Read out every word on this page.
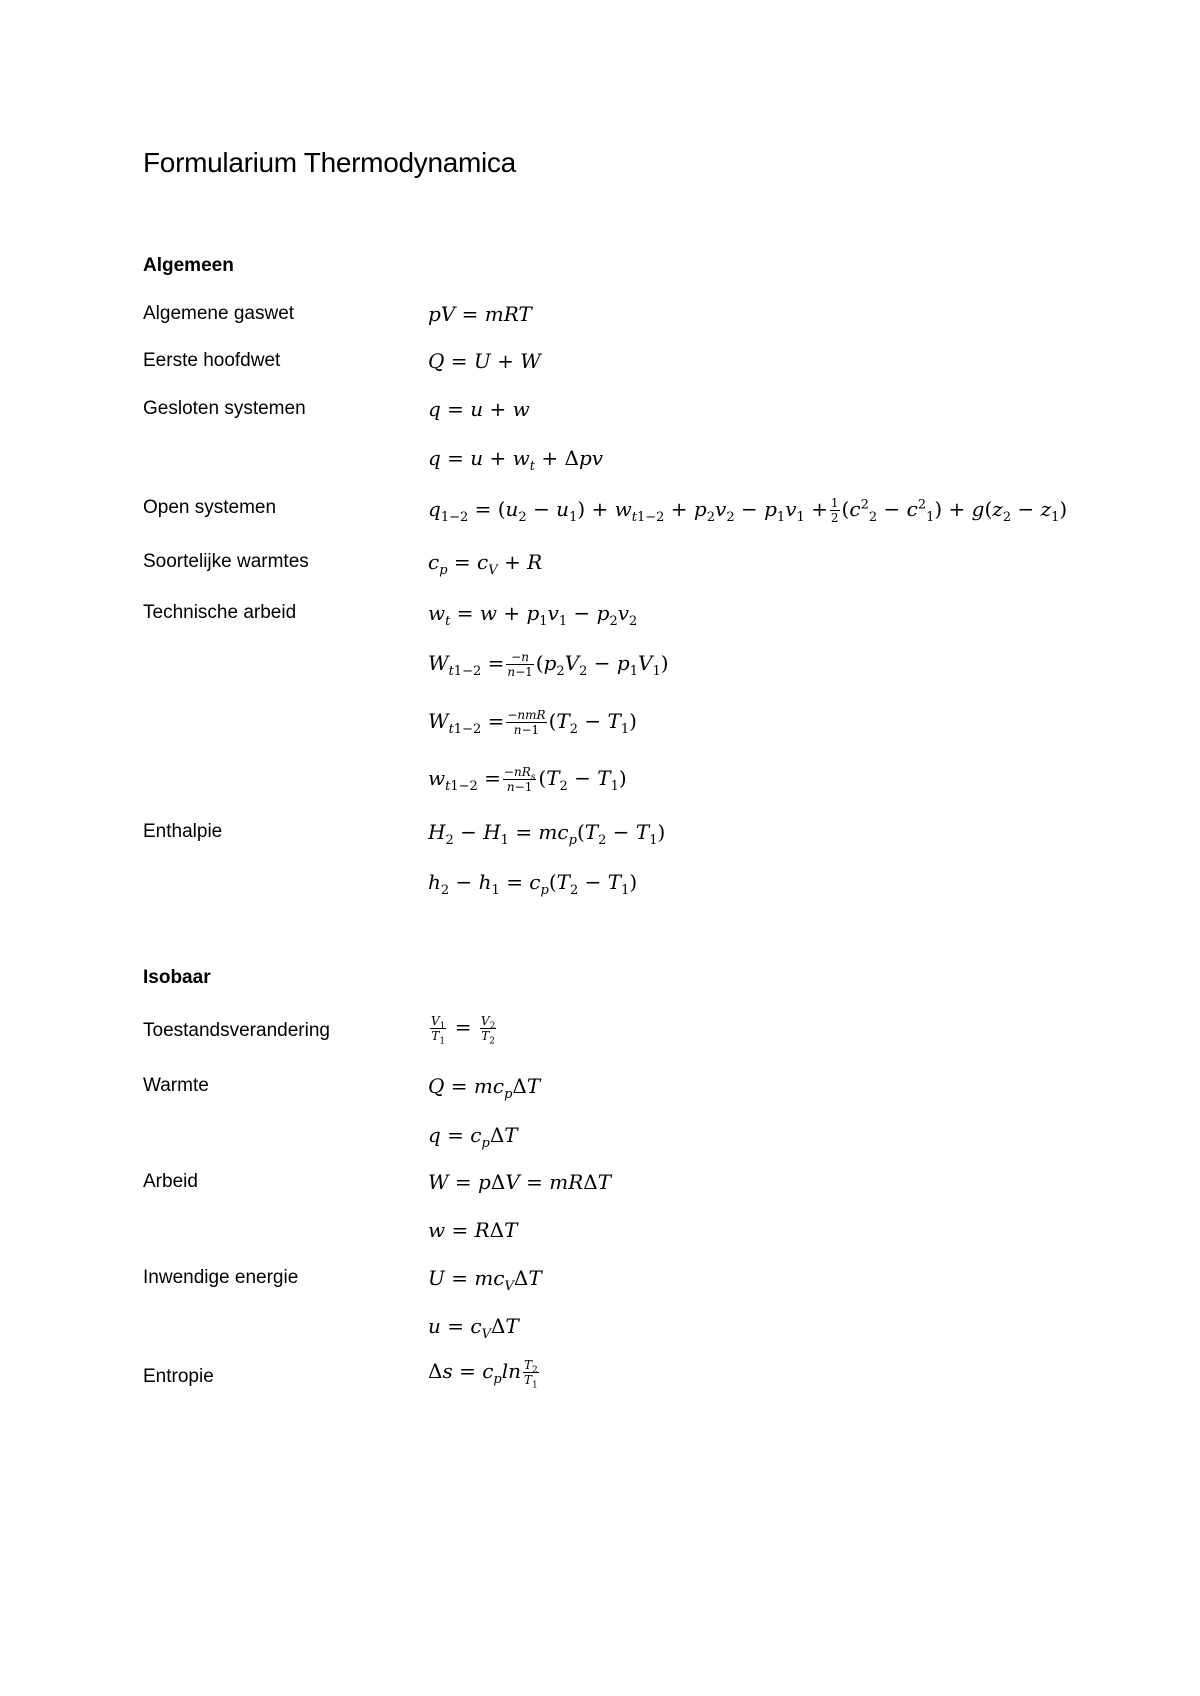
Formularium Thermodynamica
Algemeen
Algemene gaswet	pV = mRT
Eerste hoofdwet	Q = U + W
Gesloten systemen	q = u + w
$q = u + w_t + \Delta pv$
Open systemen	$q_{1-2} = (u_2 - u_1) + w_{t1-2} + p_2v_2 - p_1v_1 + \frac{1}{2} (c^2_2 - c^2_1) + g(z_2 - z_1)$
Soortelijke warmtes	$c_p = c_V + R$
Technische arbeid	$w_t = w + p_1v_1 - p_2v_2$
$W_{t1-2} = \frac{-n}{n-1} (p_2V_2 - p_1V_1)$
$W_{t1-2} = \frac{\text{−nmR}}{n-1} (T_2 - T_1)$
$w_{t1-2} = \frac{-nR_s}{n-1} (T_2 - T_1)$
Enthalpie	$H_2 - H_1 = mc_p(T_2 - T_1)$
$h_2 - h_1 = c_p(T_2 - T_1)$
Isobaar
Toestandsverandering	$\frac{V_1}{T_1} = \frac{V_2}{T_2}$
Warmte	$Q = mc_p\Delta T$
$q = c_p\Delta T$
Arbeid	W = pΔV = mRΔT
w = RΔT
Inwendige energie	$U = mc_V\Delta T$
$u = c_V\Delta T$
Entropie	$\Delta s = c_p\ln \frac{T_2}{T_1}$
